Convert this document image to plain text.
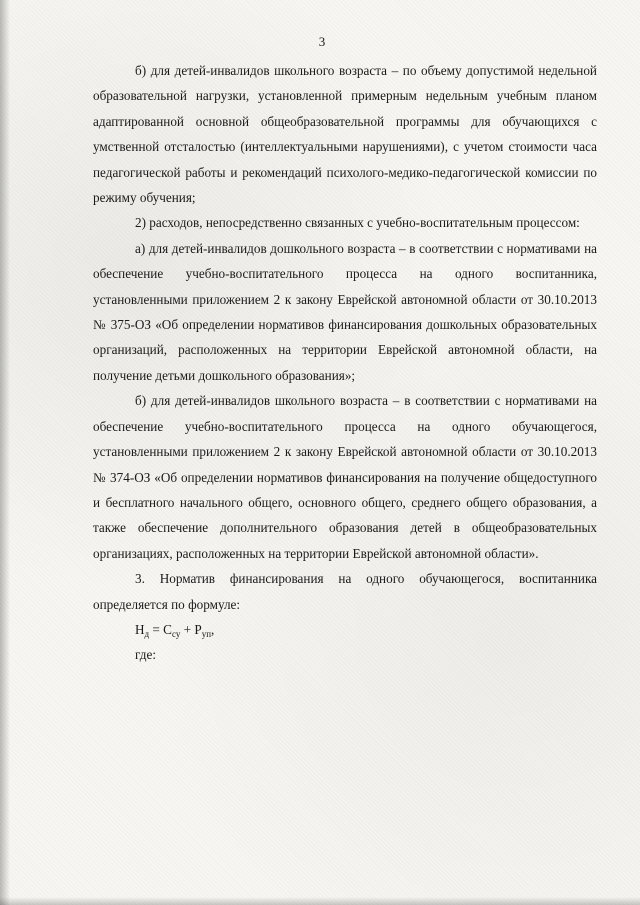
3

б) для детей-инвалидов школьного возраста – по объему допустимой недельной образовательной нагрузки, установленной примерным недельным учебным планом адаптированной основной общеобразовательной программы для обучающихся с умственной отсталостью (интеллектуальными нарушениями), с учетом стоимости часа педагогической работы и рекомендаций психолого-медико-педагогической комиссии по режиму обучения;

2) расходов, непосредственно связанных с учебно-воспитательным процессом:

а) для детей-инвалидов дошкольного возраста – в соответствии с нормативами на обеспечение учебно-воспитательного процесса на одного воспитанника, установленными приложением 2 к закону Еврейской автономной области от 30.10.2013 № 375-ОЗ «Об определении нормативов финансирования дошкольных образовательных организаций, расположенных на территории Еврейской автономной области, на получение детьми дошкольного образования»;

б) для детей-инвалидов школьного возраста – в соответствии с нормативами на обеспечение учебно-воспитательного процесса на одного обучающегося, установленными приложением 2 к закону Еврейской автономной области от 30.10.2013 № 374-ОЗ «Об определении нормативов финансирования на получение общедоступного и бесплатного начального общего, основного общего, среднего общего образования, а также обеспечение дополнительного образования детей в общеобразовательных организациях, расположенных на территории Еврейской автономной области».

3. Норматив финансирования на одного обучающегося, воспитанника определяется по формуле:

$Н_д = С_{су} + Р_{уп}$,

где:
